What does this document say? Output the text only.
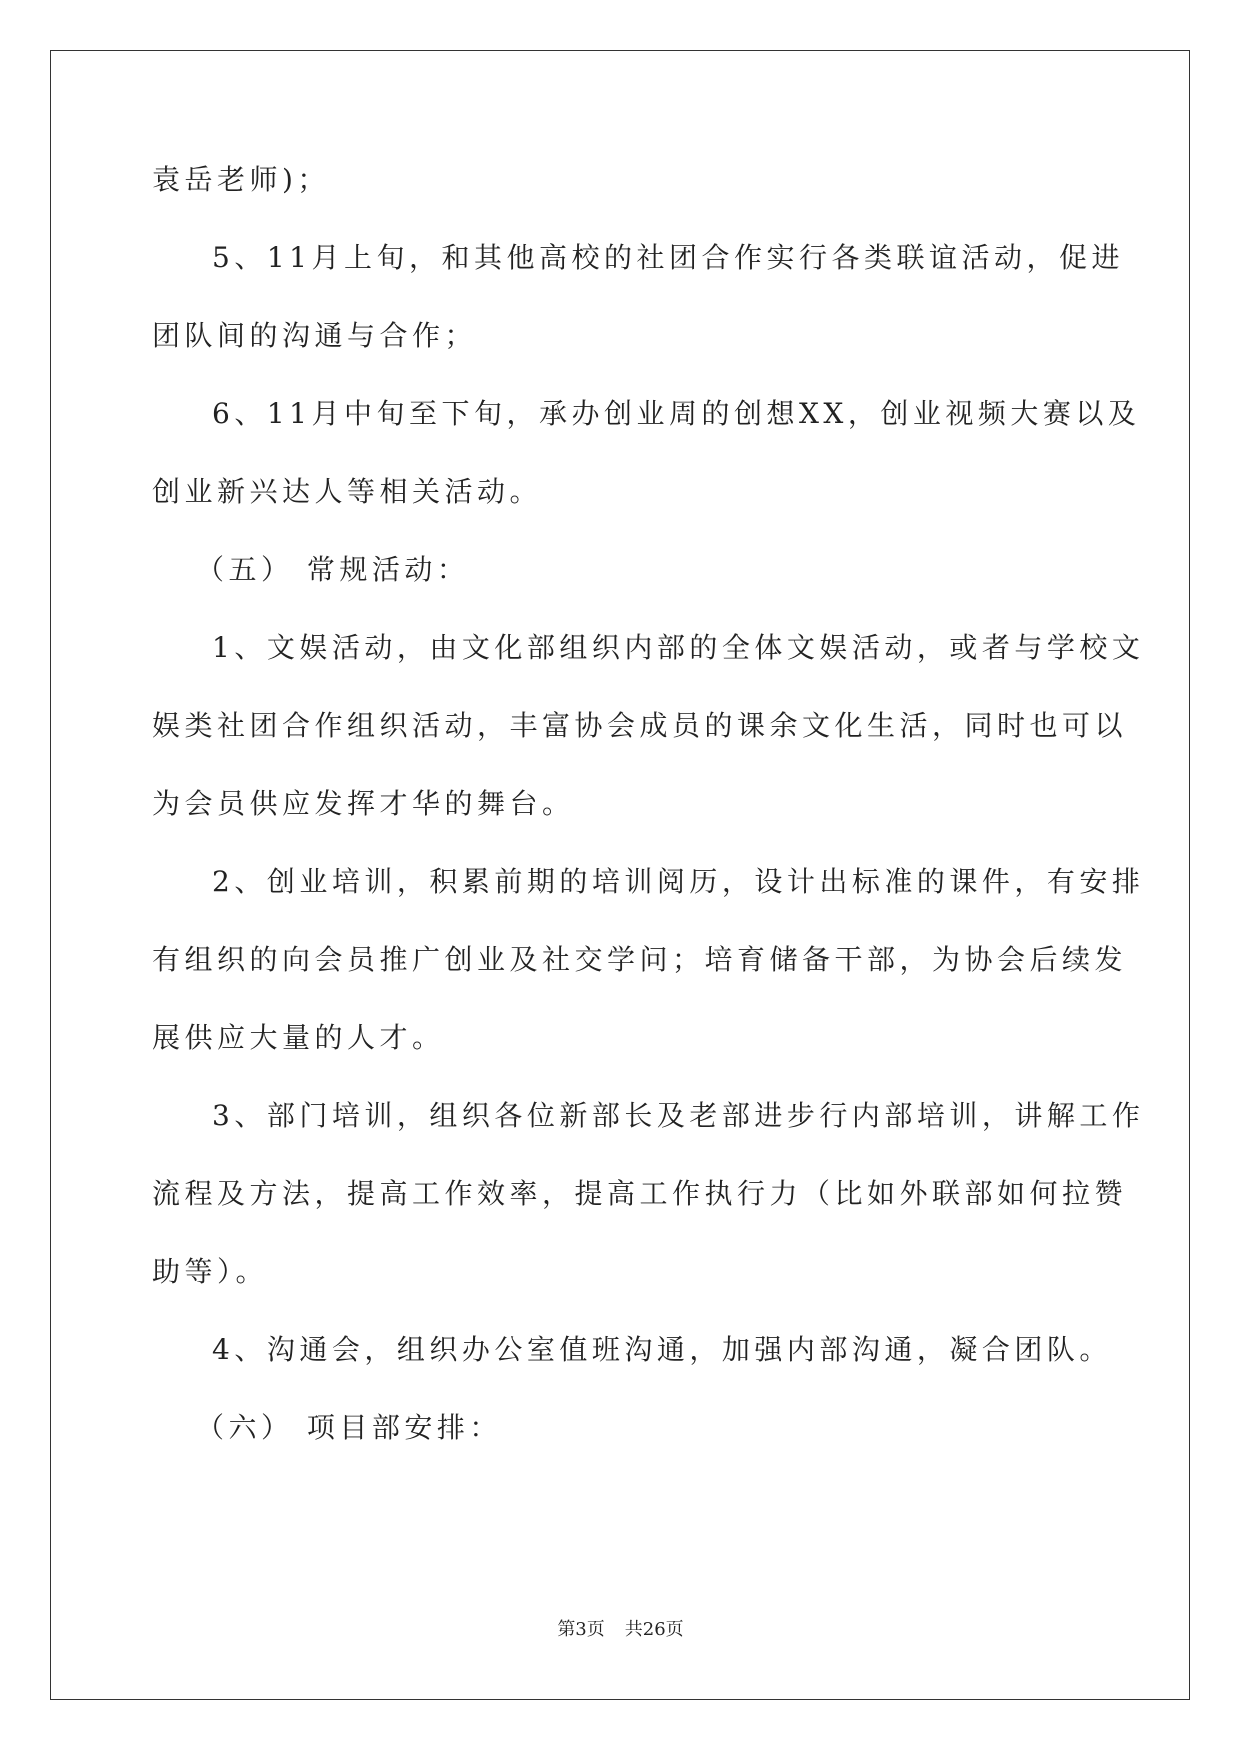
袁岳老师)；
5、11月上旬，和其他高校的社团合作实行各类联谊活动，促进
团队间的沟通与合作；
6、11月中旬至下旬，承办创业周的创想XX，创业视频大赛以及
创业新兴达人等相关活动。
（五） 常规活动：
1、文娱活动，由文化部组织内部的全体文娱活动，或者与学校文
娱类社团合作组织活动，丰富协会成员的课余文化生活，同时也可以
为会员供应发挥才华的舞台。
2、创业培训，积累前期的培训阅历，设计出标准的课件，有安排
有组织的向会员推广创业及社交学问；培育储备干部，为协会后续发
展供应大量的人才。
3、部门培训，组织各位新部长及老部进步行内部培训，讲解工作
流程及方法，提高工作效率，提高工作执行力（比如外联部如何拉赞
助等）。
4、沟通会，组织办公室值班沟通，加强内部沟通，凝合团队。
（六） 项目部安排：
第3页 共26页
